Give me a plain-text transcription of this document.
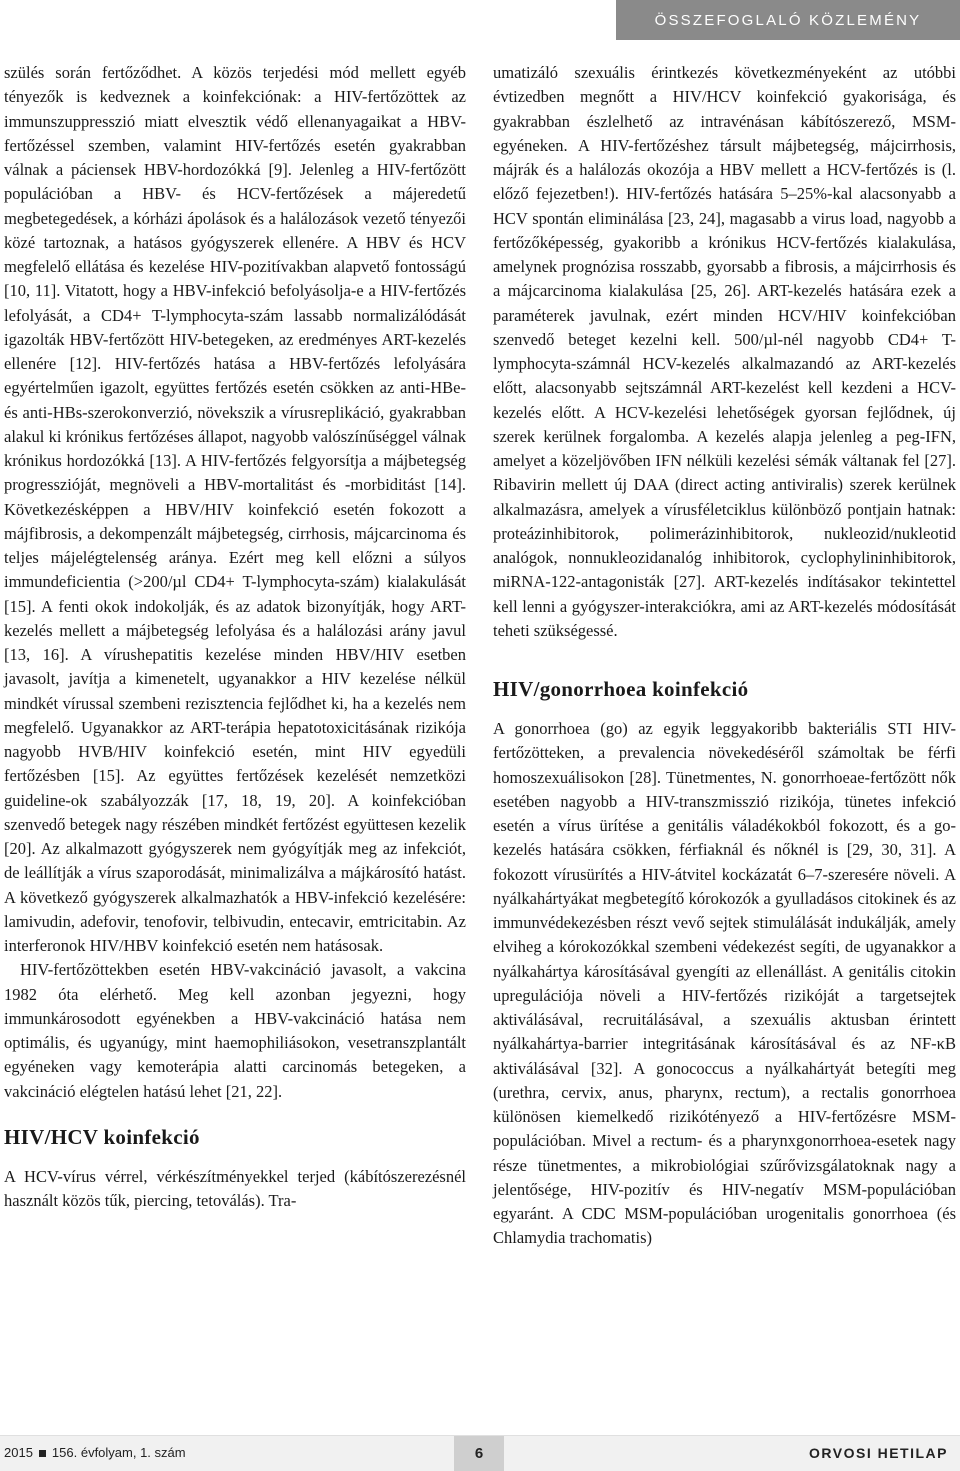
ÖSSZEFOGLALÓ KÖZLEMÉNY

szülés során fertőződhet. A közös terjedési mód mellett egyéb tényezők is kedveznek a koinfekciónak: a HIV-fertőzöttek az immunszuppresszió miatt elvesztik védő ellenanyagaikat a HBV-fertőzéssel szemben, valamint HIV-fertőzés esetén gyakrabban válnak a páciensek HBV-hordozókká [9]. Jelenleg a HIV-fertőzött populációban a HBV- és HCV-fertőzések a májeredetű megbetegedések, a kórházi ápolások és a halálozások vezető tényezői közé tartoznak, a hatásos gyógyszerek ellenére. A HBV és HCV megfelelő ellátása és kezelése HIV-pozitívakban alapvető fontosságú [10, 11]. Vitatott, hogy a HBV-infekció befolyásolja-e a HIV-fertőzés lefolyását, a CD4+ T-lymphocyta-szám lassabb normalizálódását igazolták HBV-fertőzött HIV-betegeken, az eredményes ART-kezelés ellenére [12]. HIV-fertőzés hatása a HBV-fertőzés lefolyására egyértelműen igazolt, együttes fertőzés esetén csökken az anti-HBe- és anti-HBs-szerokonverzió, növekszik a vírusreplikáció, gyakrabban alakul ki krónikus fertőzéses állapot, nagyobb valószínűséggel válnak krónikus hordozókká [13]. A HIV-fertőzés felgyorsítja a májbetegség progresszióját, megnöveli a HBV-mortalitást és -morbiditást [14]. Következésképpen a HBV/HIV koinfekció esetén fokozott a májfibrosis, a dekompenzált májbetegség, cirrhosis, májcarcinoma és teljes májelégtelenség aránya. Ezért meg kell előzni a súlyos immundeficientia (>200/µl CD4+ T-lymphocyta-szám) kialakulását [15]. A fenti okok indokolják, és az adatok bizonyítják, hogy ART-kezelés mellett a májbetegség lefolyása és a halálozási arány javul [13, 16]. A vírushepatitis kezelése minden HBV/HIV esetben javasolt, javítja a kimenetelt, ugyanakkor a HIV kezelése nélkül mindkét vírussal szembeni rezisztencia fejlődhet ki, ha a kezelés nem megfelelő. Ugyanakkor az ART-terápia hepatotoxicitásának rizikója nagyobb HVB/HIV koinfekció esetén, mint HIV egyedüli fertőzésben [15]. Az együttes fertőzések kezelését nemzetközi guideline-ok szabályozzák [17, 18, 19, 20]. A koinfekcióban szenvedő betegek nagy részében mindkét fertőzést együttesen kezelik [20]. Az alkalmazott gyógyszerek nem gyógyítják meg az infekciót, de leállítják a vírus szaporodását, minimalizálva a májkárosító hatást. A következő gyógyszerek alkalmazhatók a HBV-infekció kezelésére: lamivudin, adefovir, tenofovir, telbivudin, entecavir, emtricitabin. Az interferonok HIV/HBV koinfekció esetén nem hatásosak.

HIV-fertőzöttekben esetén HBV-vakcináció javasolt, a vakcina 1982 óta elérhető. Meg kell azonban jegyezni, hogy immunkárosodott egyénekben a HBV-vakcináció hatása nem optimális, és ugyanúgy, mint haemophiliásokon, vesetranszplantált egyéneken vagy kemoterápia alatti carcinomás betegeken, a vakcináció elégtelen hatású lehet [21, 22].

HIV/HCV koinfekció

A HCV-vírus vérrel, vérkészítményekkel terjed (kábítószerezésnél használt közös tűk, piercing, tetoválás). Tra-

umatizáló szexuális érintkezés következményeként az utóbbi évtizedben megnőtt a HIV/HCV koinfekció gyakorisága, és gyakrabban észlelhető az intravénásan kábítószerező, MSM-egyéneken. A HIV-fertőzéshez társult májbetegség, májcirrhosis, májrák és a halálozás okozója a HBV mellett a HCV-fertőzés is (l. előző fejezetben!). HIV-fertőzés hatására 5–25%-kal alacsonyabb a HCV spontán eliminálása [23, 24], magasabb a virus load, nagyobb a fertőzőképesség, gyakoribb a krónikus HCV-fertőzés kialakulása, amelynek prognózisa rosszabb, gyorsabb a fibrosis, a májcirrhosis és a májcarcinoma kialakulása [25, 26]. ART-kezelés hatására ezek a paraméterek javulnak, ezért minden HCV/HIV koinfekcióban szenvedő beteget kezelni kell. 500/µl-nél nagyobb CD4+ T-lymphocyta-számnál HCV-kezelés alkalmazandó az ART-kezelés előtt, alacsonyabb sejtszámnál ART-kezelést kell kezdeni a HCV-kezelés előtt. A HCV-kezelési lehetőségek gyorsan fejlődnek, új szerek kerülnek forgalomba. A kezelés alapja jelenleg a peg-IFN, amelyet a közeljövőben IFN nélküli kezelési sémák váltanak fel [27]. Ribavirin mellett új DAA (direct acting antiviralis) szerek kerülnek alkalmazásra, amelyek a vírusféletciklus különböző pontjain hatnak: proteázinhibitorok, polimerázinhibitorok, nukleozid/nukleotid analógok, nonnukleozidanalóg inhibitorok, cyclophylininhibitorok, miRNA-122-antagonisták [27]. ART-kezelés indításakor tekintettel kell lenni a gyógyszer-interakciókra, ami az ART-kezelés módosítását teheti szükségessé.

HIV/gonorrhoea koinfekció

A gonorrhoea (go) az egyik leggyakoribb bakteriális STI HIV-fertőzötteken, a prevalencia növekedéséről számoltak be férfi homoszexuálisokon [28]. Tünetmentes, N. gonorrhoeae-fertőzött nők esetében nagyobb a HIV-transzmisszió rizikója, tünetes infekció esetén a vírus ürítése a genitális váladékokból fokozott, és a go-kezelés hatására csökken, férfiaknál és nőknél is [29, 30, 31]. A fokozott vírusürítés a HIV-átvitel kockázatát 6–7-szeresére növeli. A nyálkahártyákat megbetegítő kórokozók a gyulladásos citokinek és az immunvédekezésben részt vevő sejtek stimulálását indukálják, amely elviheg a kórokozókkal szembeni védekezést segíti, de ugyanakkor a nyálkahártya károsításával gyengíti az ellenállást. A genitális citokin upregulációja növeli a HIV-fertőzés rizikóját a targetsejtek aktiválásával, recruitálásával, a szexuális aktusban érintett nyálkahártya-barrier integritásának károsításával és az NF-κB aktiválásával [32]. A gonococcus a nyálkahártyát betegíti meg (urethra, cervix, anus, pharynx, rectum), a rectalis gonorrhoea különösen kiemelkedő rizikótényező a HIV-fertőzésre MSM-populációban. Mivel a rectum- és a pharynxgonorrhoea-esetek nagy része tünetmentes, a mikrobiológiai szűrővizsgálatoknak nagy a jelentősége, HIV-pozitív és HIV-negatív MSM-populációban egyaránt. A CDC MSM-populációban urogenitalis gonorrhoea (és Chlamydia trachomatis)

2015 156. évfolyam, 1. szám	6	ORVOSI HETILAP
